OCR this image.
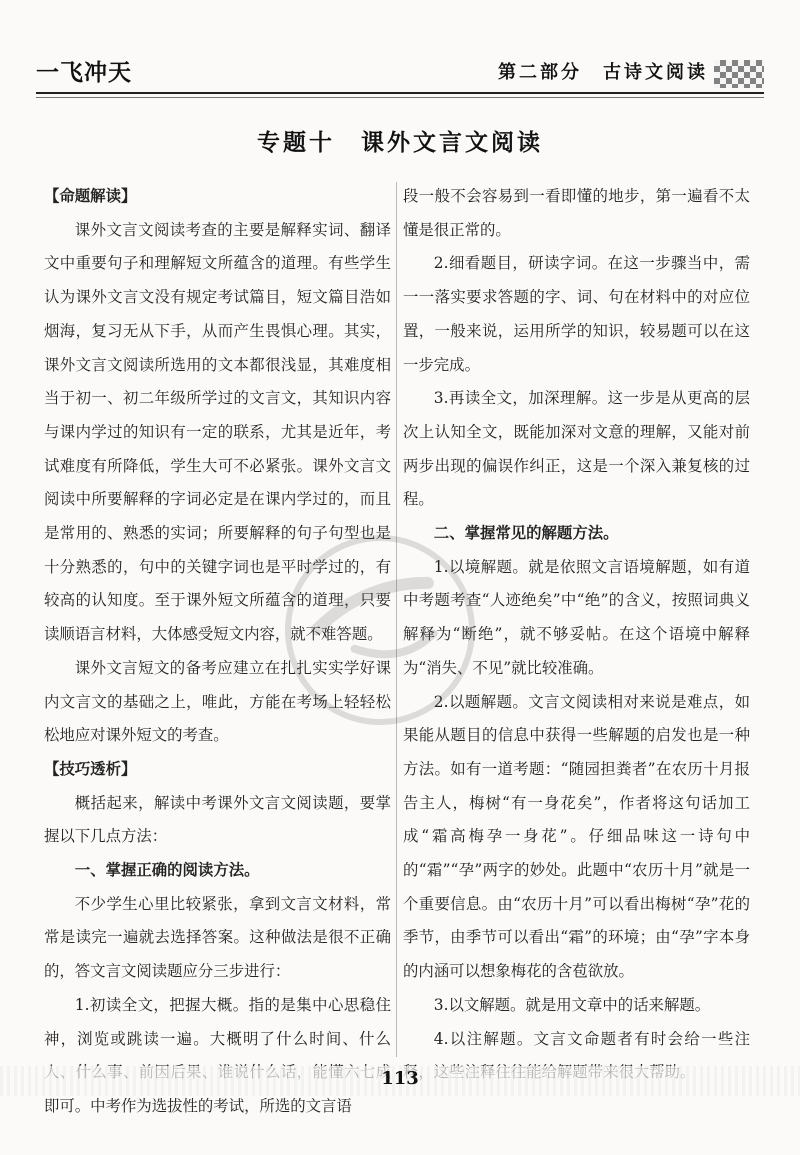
一飞冲天	第二部分　古诗文阅读
专题十　课外文言文阅读
【命题解读】

课外文言文阅读考查的主要是解释实词、翻译文中重要句子和理解短文所蕴含的道理。有些学生认为课外文言文没有规定考试篇目，短文篇目浩如烟海，复习无从下手，从而产生畏惧心理。其实，课外文言文阅读所选用的文本都很浅显，其难度相当于初一、初二年级所学过的文言文，其知识内容与课内学过的知识有一定的联系，尤其是近年，考试难度有所降低，学生大可不必紧张。课外文言文阅读中所要解释的字词必定是在课内学过的，而且是常用的、熟悉的实词；所要解释的句子句型也是十分熟悉的，句中的关键字词也是平时学过的，有较高的认知度。至于课外短文所蕴含的道理，只要读顺语言材料，大体感受短文内容，就不难答题。

课外文言短文的备考应建立在扎扎实实学好课内文言文的基础之上，唯此，方能在考场上轻轻松松地应对课外短文的考查。

【技巧透析】

概括起来，解读中考课外文言文阅读题，要掌握以下几点方法：

一、掌握正确的阅读方法。

不少学生心里比较紧张，拿到文言文材料，常常是读完一遍就去选择答案。这种做法是很不正确的，答文言文阅读题应分三步进行：

1.初读全文，把握大概。指的是集中心思稳住神，浏览或跳读一遍。大概明了什么时间、什么 即可。中考作为选拔性的考试，所选的文言语

段一般不会容易到一看即懂的地步，第一遍看不太懂是很正常的。

2.细看题目，研读字词。在这一步骤当中，需一一落实要求答题的字、词、句在材料中的对应位置，一般来说，运用所学的知识，较易题可以在这一步完成。

3.再读全文，加深理解。这一步是从更高的层次上认知全文，既能加深对文意的理解，又能对前两步出现的偏误作纠正，这是一个深入兼复核的过程。

二、掌握常见的解题方法。

1.以境解题。就是依照文言语境解题，如有道中考题考查“人迹绝矣”中“绝”的含义，按照词典义解释为“断绝”，就不够妥帖。在这个语境中解释为“消失、不见”就比较准确。

2.以题解题。文言文阅读相对来说是难点，如果能从题目的信息中获得一些解题的启发也是一种方法。如有一道考题：“随园担粪者”在农历十月报告主人，梅树“有一身花矣”，作者将这句话加工成“霜高梅孕一身花”。仔细品味这一诗句中的“霜”“孕”两字的妙处。此题中“农历十月”就是一个重要信息。由“农历十月”可以看出梅树“孕”花的季节，由季节可以看出“霜”的环境；由“孕”字本身的内涵可以想象梅花的含苞欲放。

3.以文解题。就是用文章中的话来解题。

4.以注解题。文言文命题者有时会给一些注

113
